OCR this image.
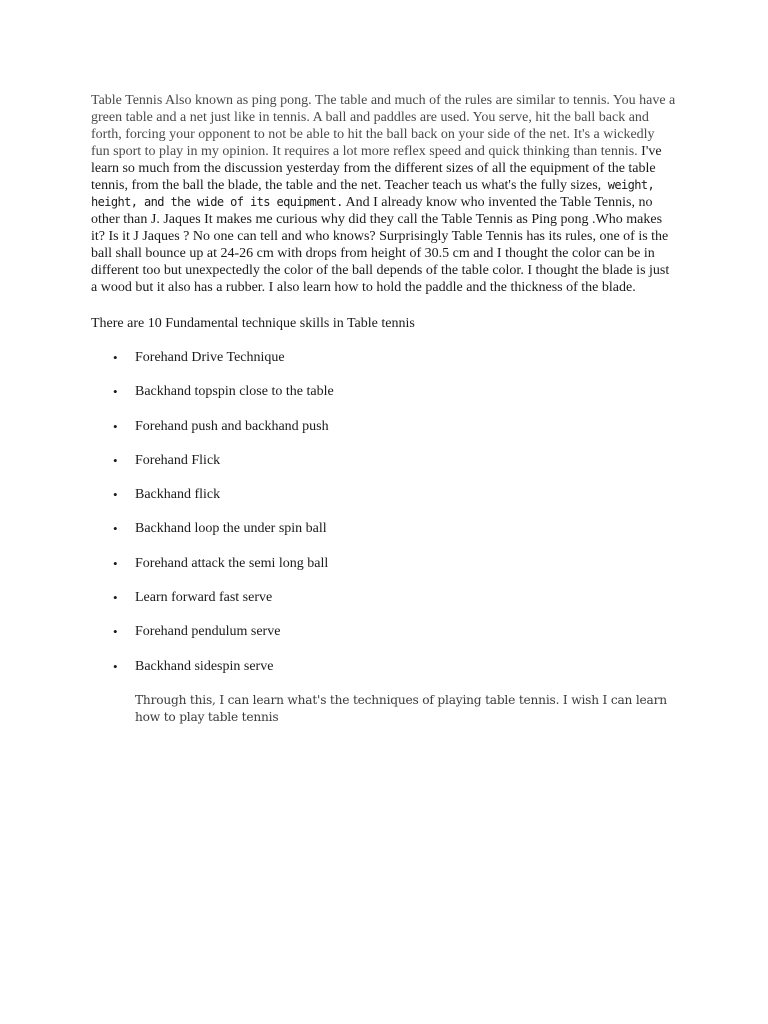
Table Tennis Also known as ping pong. The table and much of the rules are similar to tennis. You have a green table and a net just like in tennis. A ball and paddles are used. You serve, hit the ball back and forth, forcing your opponent to not be able to hit the ball back on your side of the net. It's a wickedly fun sport to play in my opinion. It requires a lot more reflex speed and quick thinking than tennis. I've learn so much from the discussion yesterday from the different sizes of all the equipment of the table tennis, from the ball the blade, the table and the net. Teacher teach us what's the fully sizes, weight, height, and the wide of its equipment. And I already know who invented the Table Tennis, no other than J. Jaques It makes me curious why did they call the Table Tennis as Ping pong .Who makes it? Is it J Jaques ? No one can tell and who knows? Surprisingly Table Tennis has its rules, one of is the ball shall bounce up at 24-26 cm with drops from height of 30.5 cm and I thought the color can be in different too but unexpectedly the color of the ball depends of the table color. I thought the blade is just a wood but it also has a rubber. I also learn how to hold the paddle and the thickness of the blade.

There are 10 Fundamental technique skills in Table tennis

•	Forehand Drive Technique
•	Backhand topspin close to the table
•	Forehand push and backhand push
•	Forehand Flick
•	Backhand flick
•	Backhand loop the under spin ball
•	Forehand attack the semi long ball
•	Learn forward fast serve
•	Forehand pendulum serve
•	Backhand sidespin serve

Through this, I can learn what's the techniques of playing table tennis. I wish I can learn how to play table tennis
